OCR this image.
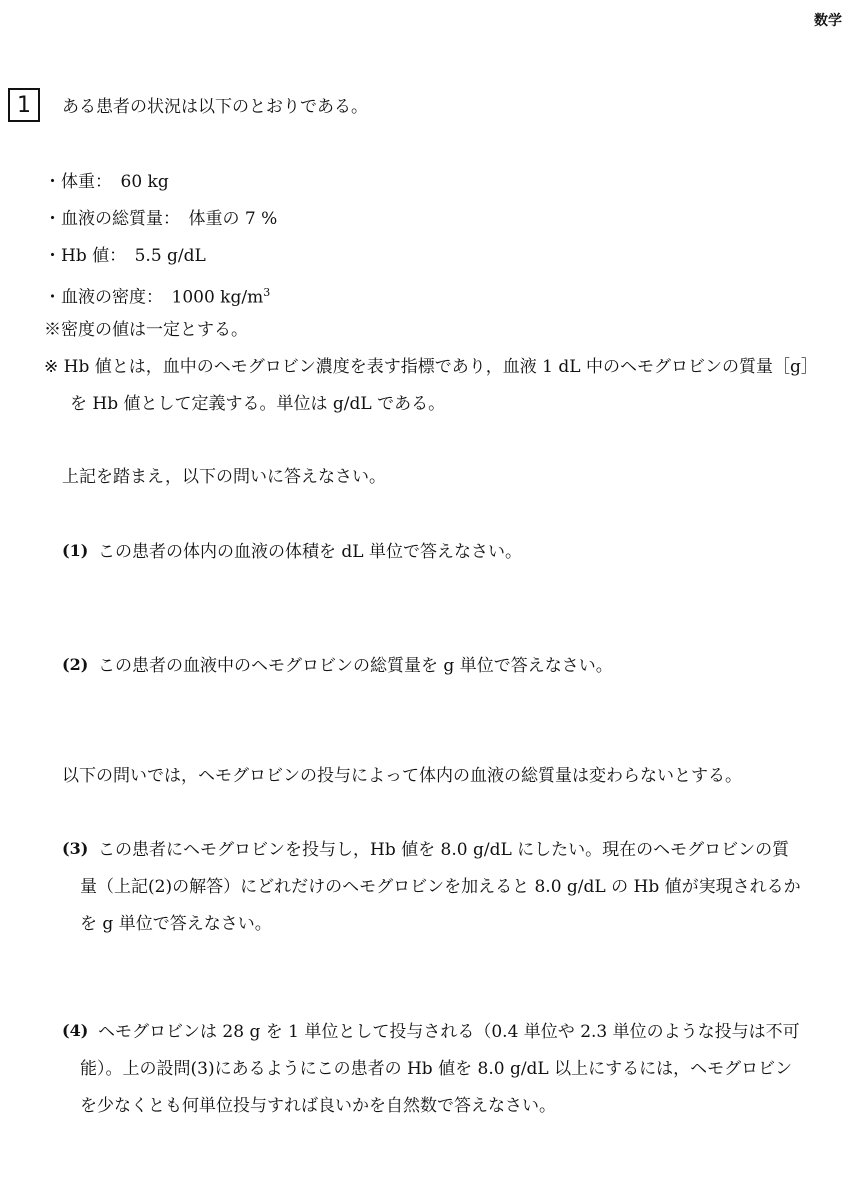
数学
1 ある患者の状況は以下のとおりである。
・体重：　60 kg
・血液の総質量：　体重の 7 %
・Hb 値：　5.5 g/dL
・血液の密度：　1000 $kg/m^3$
※密度の値は一定とする。
※ Hb 値とは，血中のヘモグロビン濃度を表す指標であり，血液 1 dL 中のヘモグロビンの質量［g］
を Hb 値として定義する。単位は g/dL である。
上記を踏まえ，以下の問いに答えなさい。
(1) この患者の体内の血液の体積を dL 単位で答えなさい。
(2) この患者の血液中のヘモグロビンの総質量を g 単位で答えなさい。
以下の問いでは，ヘモグロビンの投与によって体内の血液の総質量は変わらないとする。
(3) この患者にヘモグロビンを投与し，Hb 値を 8.0 g/dL にしたい。現在のヘモグロビンの質
量（上記(2)の解答）にどれだけのヘモグロビンを加えると 8.0 g/dL の Hb 値が実現されるか
を g 単位で答えなさい。
(4) ヘモグロビンは 28 g を 1 単位として投与される（0.4 単位や 2.3 単位のような投与は不可
能）。上の設問(3)にあるようにこの患者の Hb 値を 8.0 g/dL 以上にするには，ヘモグロビン
を少なくとも何単位投与すれば良いかを自然数で答えなさい。
